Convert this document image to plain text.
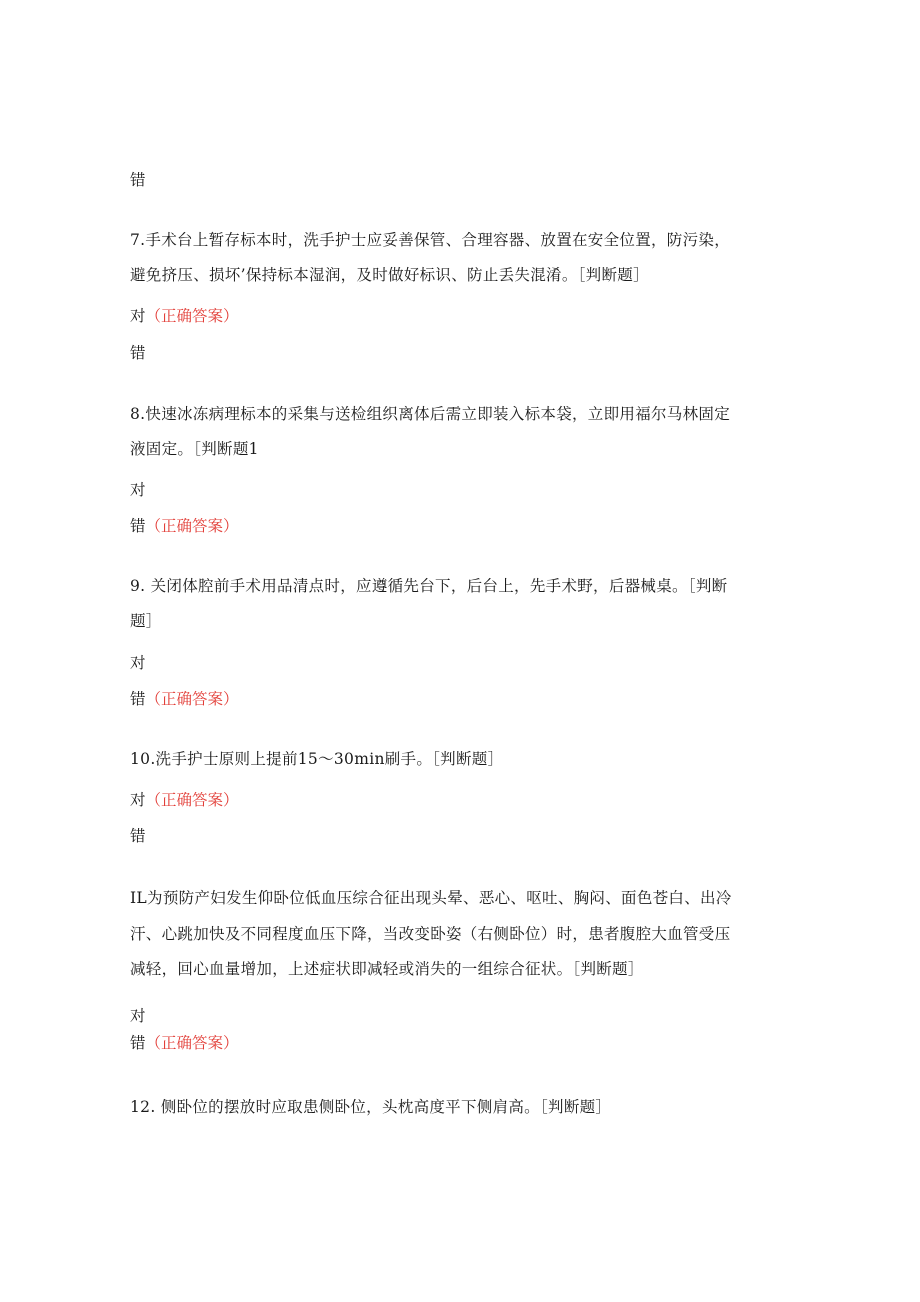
错
7.手术台上暂存标本时，洗手护士应妥善保管、合理容器、放置在安全位置，防污染，
避免挤压、损坏’保持标本湿润，及时做好标识、防止丢失混淆。［判断题］
对（正确答案）
错
8.快速冰冻病理标本的采集与送检组织离体后需立即装入标本袋，立即用福尔马林固定
液固定。［判断题1
对
错（正确答案）
9. 关闭体腔前手术用品清点时，应遵循先台下，后台上，先手术野，后器械桌。［判断
题］
对
错（正确答案）
10.洗手护士原则上提前15～30min刷手。［判断题］
对（正确答案）
错
IL为预防产妇发生仰卧位低血压综合征出现头晕、恶心、呕吐、胸闷、面色苍白、出冷
汗、心跳加快及不同程度血压下降，当改变卧姿（右侧卧位）时，患者腹腔大血管受压
减轻，回心血量增加，上述症状即减轻或消失的一组综合征状。［判断题］
对
错（正确答案）
12. 侧卧位的摆放时应取患侧卧位，头枕高度平下侧肩高。［判断题］
